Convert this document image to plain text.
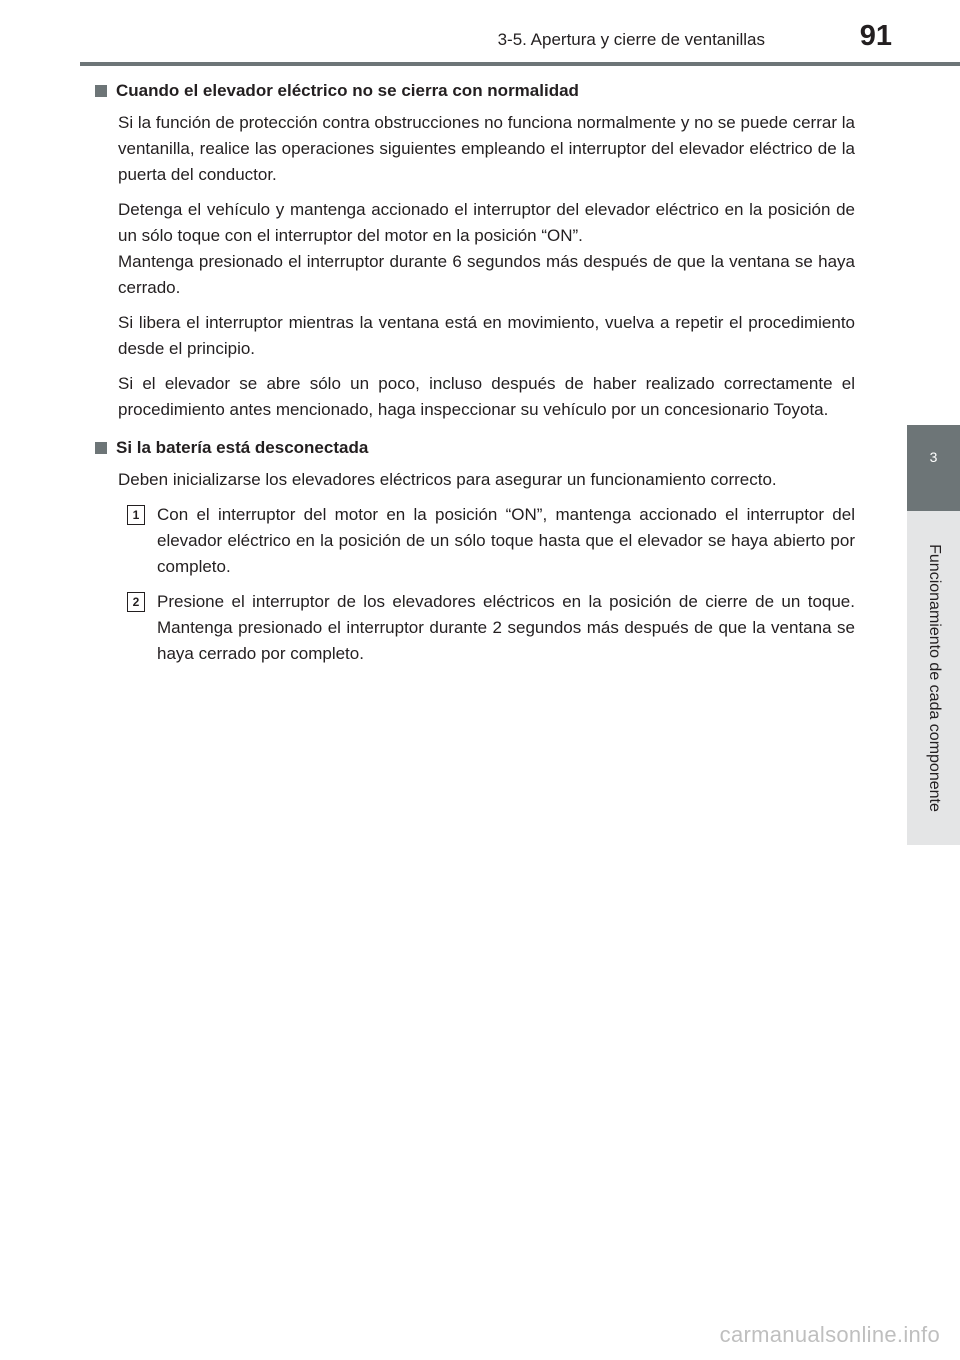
3-5. Apertura y cierre de ventanillas	91
3
Funcionamiento de cada componente
Cuando el elevador eléctrico no se cierra con normalidad

Si la función de protección contra obstrucciones no funciona normalmente y no se puede cerrar la ventanilla, realice las operaciones siguientes empleando el interruptor del elevador eléctrico de la puerta del conductor.

Detenga el vehículo y mantenga accionado el interruptor del elevador eléctrico en la posición de un sólo toque con el interruptor del motor en la posición “ON”.

Mantenga presionado el interruptor durante 6 segundos más después de que la ventana se haya cerrado.

Si libera el interruptor mientras la ventana está en movimiento, vuelva a repetir el procedimiento desde el principio.

Si el elevador se abre sólo un poco, incluso después de haber realizado correctamente el procedimiento antes mencionado, haga inspeccionar su vehículo por un concesionario Toyota.

Si la batería está desconectada

Deben inicializarse los elevadores eléctricos para asegurar un funcionamiento correcto.

1	Con el interruptor del motor en la posición “ON”, mantenga accionado el interruptor del elevador eléctrico en la posición de un sólo toque hasta que el elevador se haya abierto por completo.
2	Presione el interruptor de los elevadores eléctricos en la posición de cierre de un toque. Mantenga presionado el interruptor durante 2 segundos más después de que la ventana se haya cerrado por completo.
carmanualsonline.info
